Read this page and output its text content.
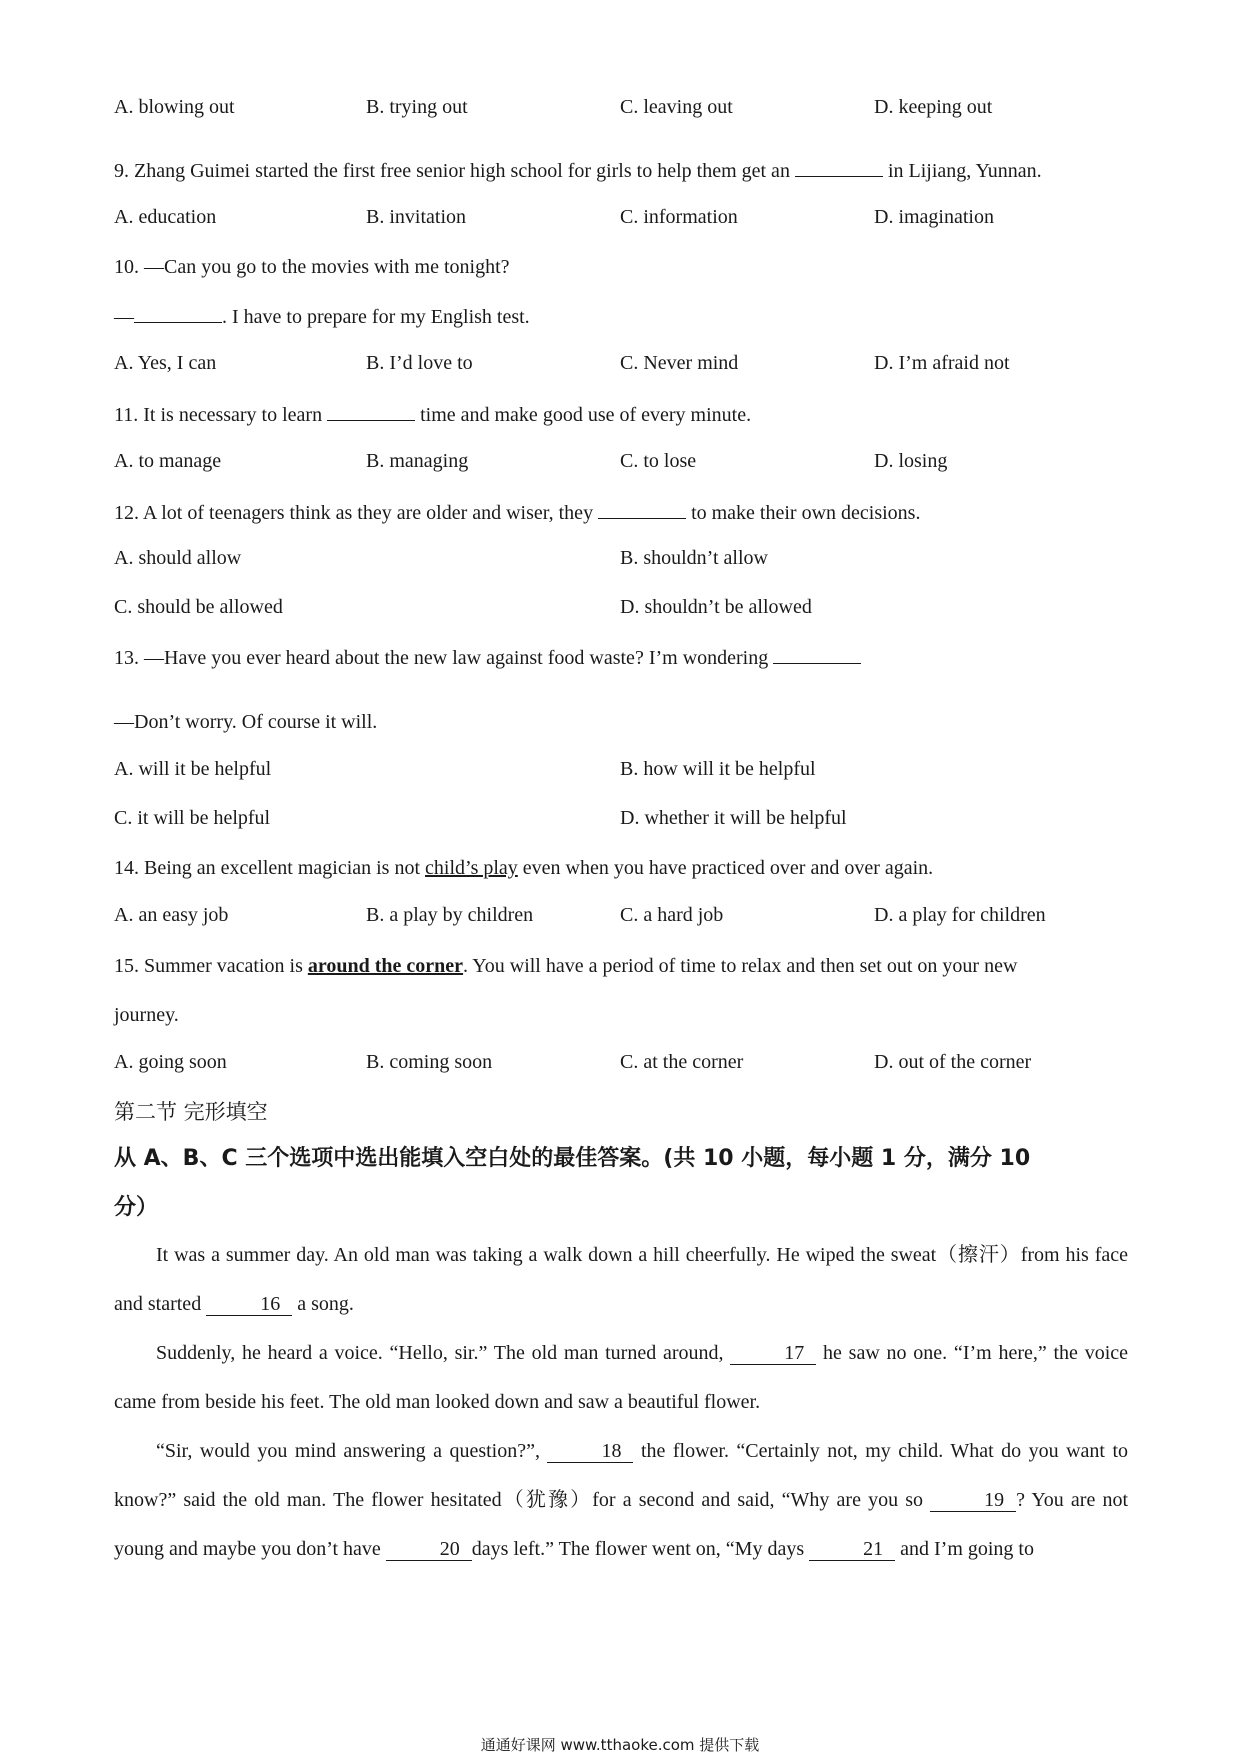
A. blowing out	B. trying out	C. leaving out	D. keeping out
9. Zhang Guimei started the first free senior high school for girls to help them get an	in Lijiang, Yunnan.
A. education	B. invitation	C. information	D. imagination
10. —Can you go to the movies with me tonight?
—	. I have to prepare for my English test.
A. Yes, I can	B. I’d love to	C. Never mind	D. I’m afraid not
11. It is necessary to learn	time and make good use of every minute.
A. to manage	B. managing	C. to lose	D. losing
12. A lot of teenagers think as they are older and wiser, they	to make their own decisions.
A. should allow	B. shouldn’t allow
C. should be allowed	D. shouldn’t be allowed
13. —Have you ever heard about the new law against food waste? I’m wondering
—Don’t worry. Of course it will.
A. will it be helpful	B. how will it be helpful
C. it will be helpful	D. whether it will be helpful
14. Being an excellent magician is not child’s play even when you have practiced over and over again.
A. an easy job	B. a play by children	C. a hard job	D. a play for children
15. Summer vacation is around the corner. You will have a period of time to relax and then set out on your new
journey.
A. going soon	B. coming soon	C. at the corner	D. out of the corner
第二节 完形填空
从 A、B、C 三个选项中选出能填入空白处的最佳答案。(共 10 小题，每小题 1 分，满分 10
分）
It was a summer day. An old man was taking a walk down a hill cheerfully. He wiped the sweat（擦汗）from his face and started	16 a song.
Suddenly, he heard a voice. “Hello, sir.” The old man turned around,	17 he saw no one. “I’m here,” the voice came from beside his feet. The old man looked down and saw a beautiful flower.
“Sir, would you mind answering a question?”,	18 the flower. “Certainly not, my child. What do you want to know?” said the old man. The flower hesitated（犹豫）for a second and said, “Why are you so	19 ? You are not young and maybe you don’t have	20 days left.” The flower went on, “My days	21 and I’m going to
通通好课网 www.tthaoke.com 提供下载
